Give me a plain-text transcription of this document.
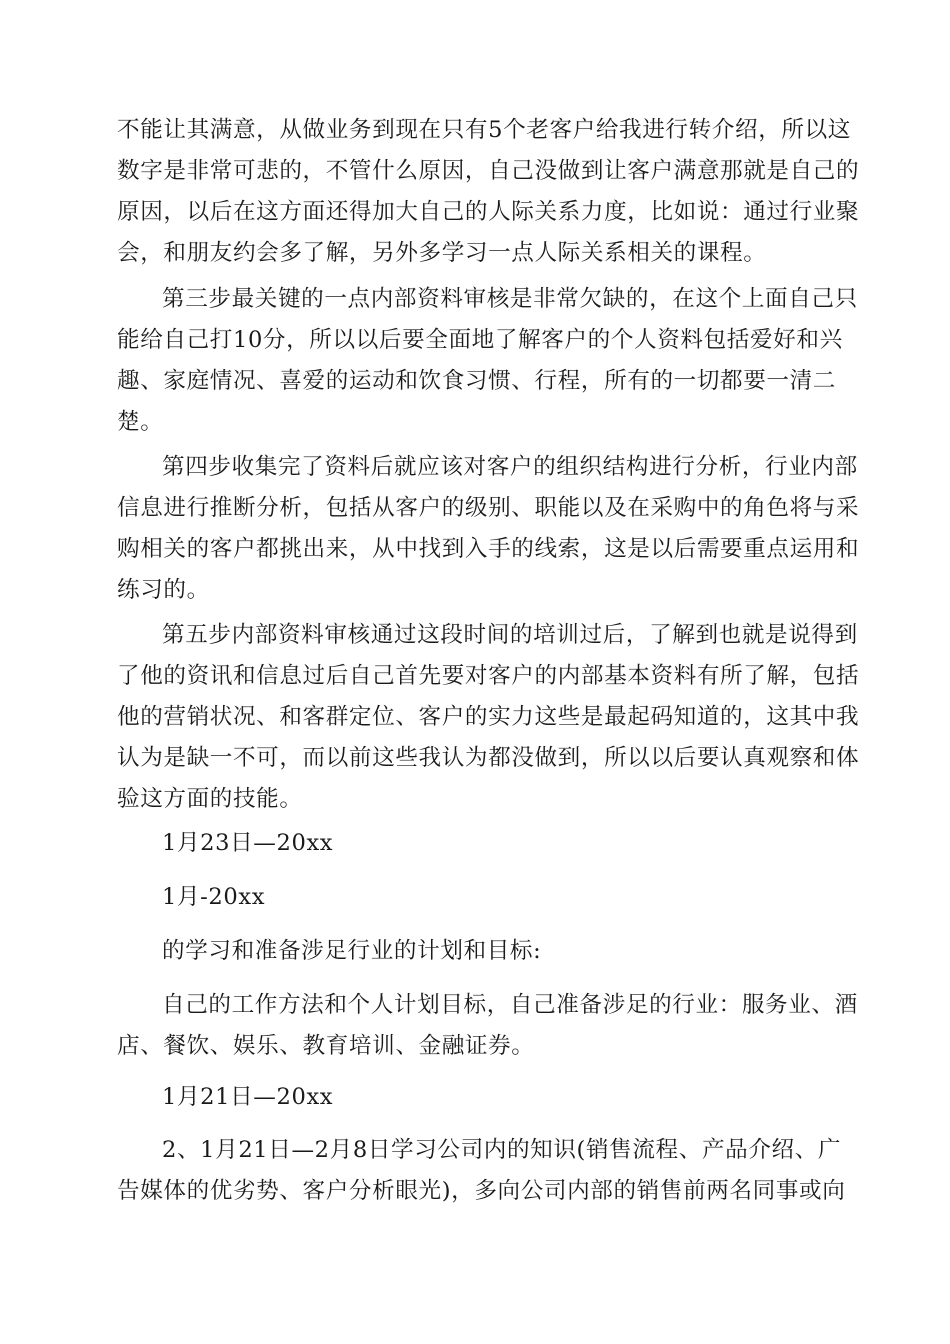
不能让其满意，从做业务到现在只有5个老客户给我进行转介绍，所以这
数字是非常可悲的，不管什么原因，自己没做到让客户满意那就是自己的
原因，以后在这方面还得加大自己的人际关系力度，比如说：通过行业聚
会，和朋友约会多了解，另外多学习一点人际关系相关的课程。
第三步最关键的一点内部资料审核是非常欠缺的，在这个上面自己只
能给自己打10分，所以以后要全面地了解客户的个人资料包括爱好和兴
趣、家庭情况、喜爱的运动和饮食习惯、行程，所有的一切都要一清二
楚。
第四步收集完了资料后就应该对客户的组织结构进行分析，行业内部
信息进行推断分析，包括从客户的级别、职能以及在采购中的角色将与采
购相关的客户都挑出来，从中找到入手的线索，这是以后需要重点运用和
练习的。
第五步内部资料审核通过这段时间的培训过后，了解到也就是说得到
了他的资讯和信息过后自己首先要对客户的内部基本资料有所了解，包括
他的营销状况、和客群定位、客户的实力这些是最起码知道的，这其中我
认为是缺一不可，而以前这些我认为都没做到，所以以后要认真观察和体
验这方面的技能。
1月23日—20xx
1月-20xx
的学习和准备涉足行业的计划和目标:
自己的工作方法和个人计划目标，自己准备涉足的行业：服务业、酒
店、餐饮、娱乐、教育培训、金融证券。
1月21日—20xx
2、1月21日—2月8日学习公司内的知识(销售流程、产品介绍、广
告媒体的优劣势、客户分析眼光)，多向公司内部的销售前两名同事或向
